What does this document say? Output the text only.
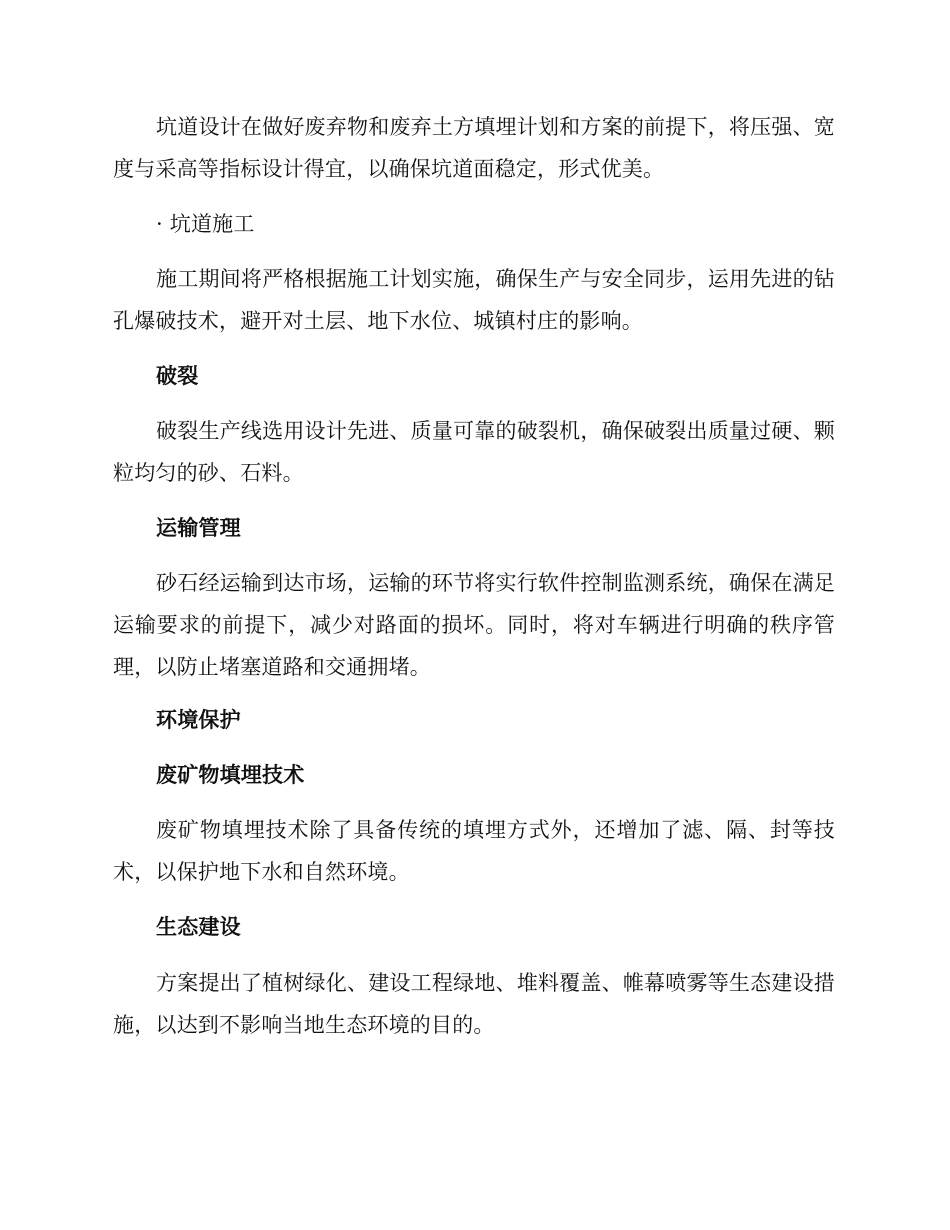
坑道设计在做好废弃物和废弃土方填埋计划和方案的前提下，将压强、宽度与采高等指标设计得宜，以确保坑道面稳定，形式优美。

· 坑道施工

施工期间将严格根据施工计划实施，确保生产与安全同步，运用先进的钻孔爆破技术，避开对土层、地下水位、城镇村庄的影响。

破裂

破裂生产线选用设计先进、质量可靠的破裂机，确保破裂出质量过硬、颗粒均匀的砂、石料。

运输管理

砂石经运输到达市场，运输的环节将实行软件控制监测系统，确保在满足运输要求的前提下，减少对路面的损坏。同时，将对车辆进行明确的秩序管理，以防止堵塞道路和交通拥堵。

环境保护

废矿物填埋技术

废矿物填埋技术除了具备传统的填埋方式外，还增加了滤、隔、封等技术，以保护地下水和自然环境。

生态建设

方案提出了植树绿化、建设工程绿地、堆料覆盖、帷幕喷雾等生态建设措施，以达到不影响当地生态环境的目的。
